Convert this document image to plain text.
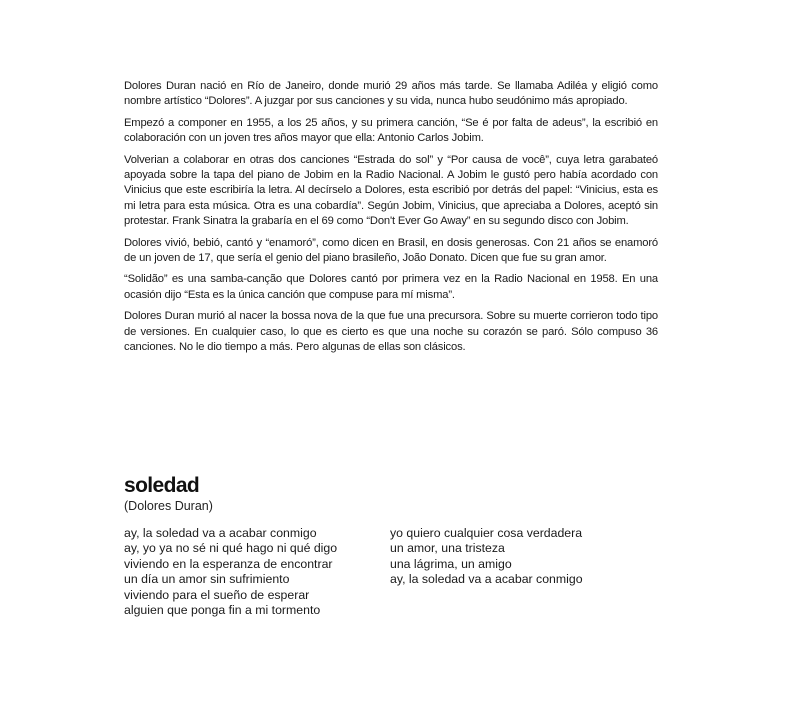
Dolores Duran nació en Río de Janeiro, donde murió 29 años más tarde. Se llamaba Adiléa y eligió como nombre artístico “Dolores”. A juzgar por sus canciones y su vida, nunca hubo seudónimo más apropiado.

Empezó a componer en 1955, a los 25 años, y su primera canción, “Se é por falta de adeus”, la escribió en colaboración con un joven tres años mayor que ella: Antonio Carlos Jobim.

Volverian a colaborar en otras dos canciones “Estrada do sol” y “Por causa de você”, cuya letra garabateó apoyada sobre la tapa del piano de Jobim en la Radio Nacional. A Jobim le gustó pero había acordado con Vinicius que este escribiría la letra. Al decírselo a Dolores, esta escribió por detrás del papel: “Vinicius, esta es mi letra para esta música. Otra es una cobardía”. Según Jobim, Vinicius, que apreciaba a Dolores, aceptó sin protestar. Frank Sinatra la grabaría en el 69 como “Don't Ever Go Away” en su segundo disco con Jobim.

Dolores vivió, bebió, cantó y “enamoró”, como dicen en Brasil, en dosis generosas. Con 21 años se enamoró de un joven de 17, que sería el genio del piano brasileño, João Donato. Dicen que fue su gran amor.

“Solidão” es una samba-canção que Dolores cantó por primera vez en la Radio Nacional en 1958. En una ocasión dijo “Esta es la única canción que compuse para mí misma”.

Dolores Duran murió al nacer la bossa nova de la que fue una precursora. Sobre su muerte corrieron todo tipo de versiones. En cualquier caso, lo que es cierto es que una noche su corazón se paró. Sólo compuso 36 canciones. No le dio tiempo a más. Pero algunas de ellas son clásicos.

soledad
(Dolores Duran)
ay, la soledad va a acabar conmigo
ay, yo ya no sé ni qué hago ni qué digo
viviendo en la esperanza de encontrar
un día un amor sin sufrimiento
viviendo para el sueño de esperar
alguien que ponga fin a mi tormento
yo quiero cualquier cosa verdadera
un amor, una tristeza
una lágrima, un amigo
ay, la soledad va a acabar conmigo
